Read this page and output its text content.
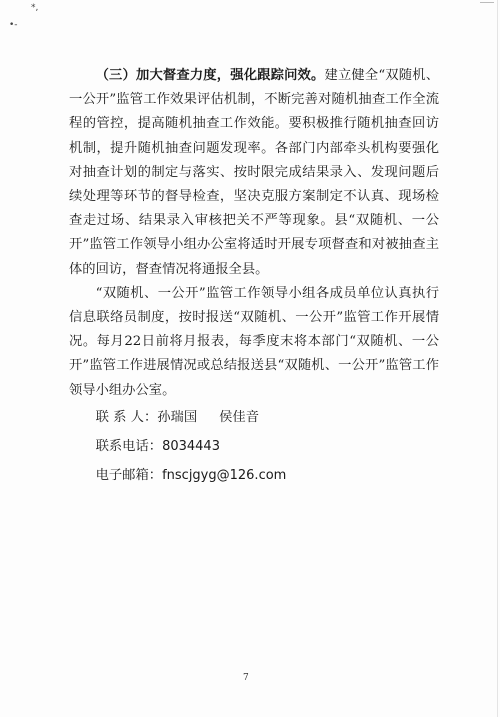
*,
•-

（三）加大督查力度，强化跟踪问效。建立健全“双随机、一公开”监管工作效果评估机制，不断完善对随机抽查工作全流程的管控，提高随机抽查工作效能。要积极推行随机抽查回访机制，提升随机抽查问题发现率。各部门内部牵头机构要强化对抽查计划的制定与落实、按时限完成结果录入、发现问题后续处理等环节的督导检查，坚决克服方案制定不认真、现场检查走过场、结果录入审核把关不严等现象。县“双随机、一公开”监管工作领导小组办公室将适时开展专项督查和对被抽查主体的回访，督查情况将通报全县。

“双随机、一公开”监管工作领导小组各成员单位认真执行信息联络员制度，按时报送“双随机、一公开”监管工作开展情况。每月22日前将月报表，每季度末将本部门“双随机、一公开”监管工作进展情况或总结报送县“双随机、一公开”监管工作领导小组办公室。

联 系 人：孙瑞国 侯佳音

联系电话：8034443

电子邮箱：fnscjgyg@126.com

7
